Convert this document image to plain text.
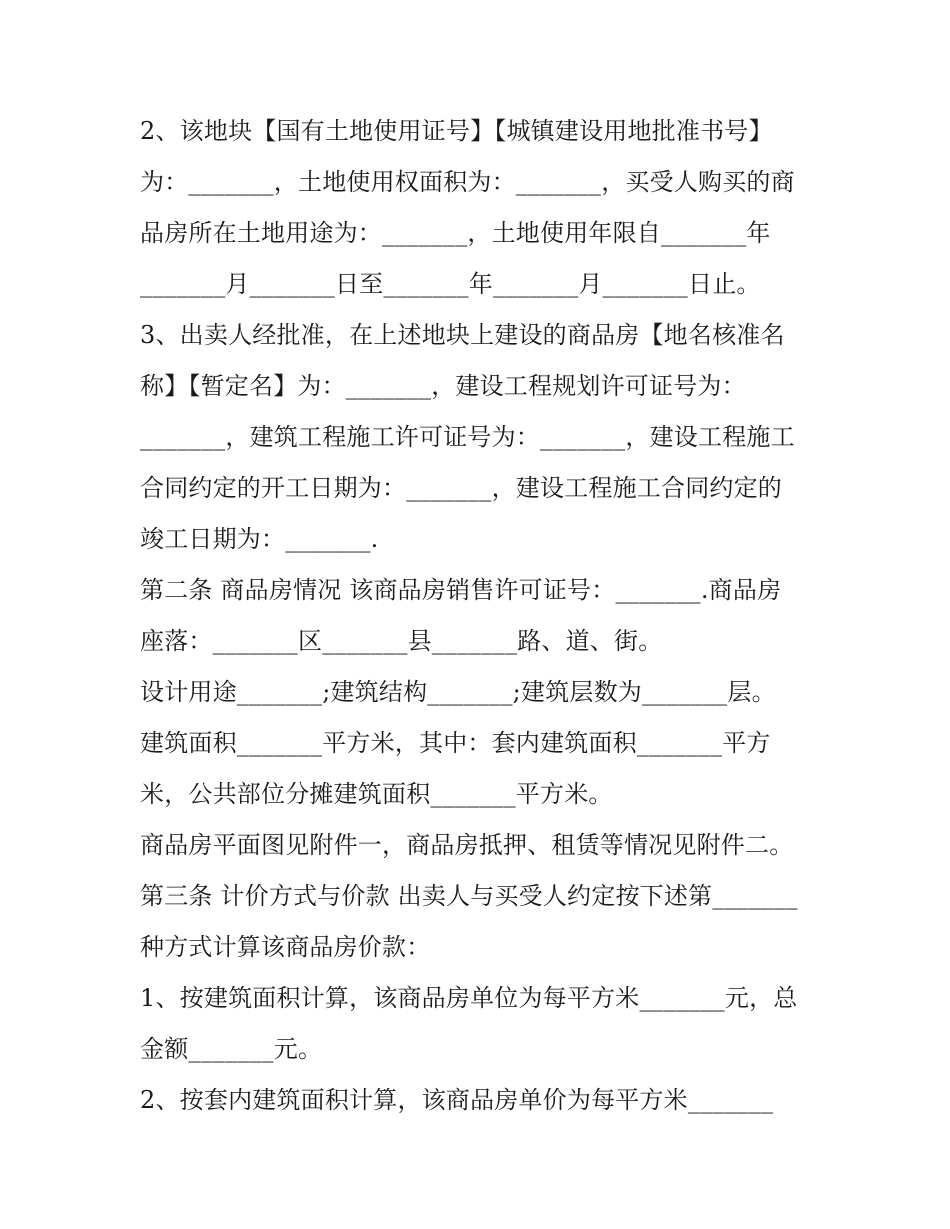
2、该地块【国有土地使用证号】【城镇建设用地批准书号】
为：_______，土地使用权面积为：_______，买受人购买的商
品房所在土地用途为：_______，土地使用年限自_______年
_______月_______日至_______年_______月_______日止。
3、出卖人经批准，在上述地块上建设的商品房【地名核准名
称】【暂定名】为：_______，建设工程规划许可证号为：
_______，建筑工程施工许可证号为：_______，建设工程施工
合同约定的开工日期为：_______，建设工程施工合同约定的
竣工日期为：_______.
第二条 商品房情况 该商品房销售许可证号：_______.商品房
座落：_______区_______县_______路、道、街。
设计用途_______;建筑结构_______;建筑层数为_______层。
建筑面积_______平方米，其中：套内建筑面积_______平方
米，公共部位分摊建筑面积_______平方米。
商品房平面图见附件一，商品房抵押、租赁等情况见附件二。
第三条 计价方式与价款 出卖人与买受人约定按下述第_______
种方式计算该商品房价款：
1、按建筑面积计算，该商品房单位为每平方米_______元，总
金额_______元。
2、按套内建筑面积计算，该商品房单价为每平方米_______
